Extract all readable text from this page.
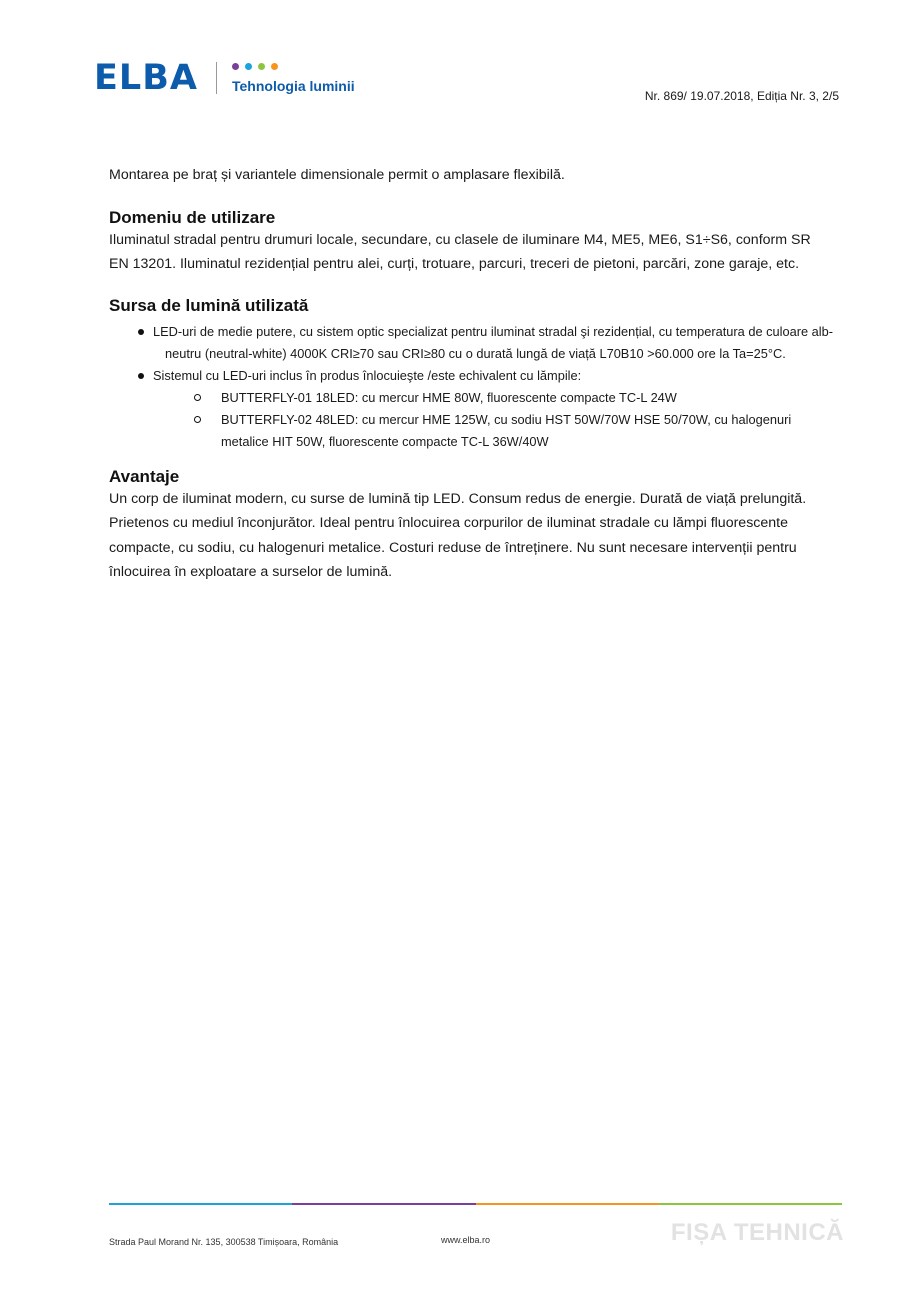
ELBA Tehnologia luminii
Nr. 869/ 19.07.2018, Ediția Nr. 3, 2/5

Montarea pe braț și variantele dimensionale permit o amplasare flexibilă.

Domeniu de utilizare

Iluminatul stradal pentru drumuri locale, secundare, cu clasele de iluminare M4, ME5, ME6, S1÷S6, conform SR EN 13201. Iluminatul rezidențial pentru alei, curți, trotuare, parcuri, treceri de pietoni, parcări, zone garaje, etc.

Sursa de lumină utilizată
LED-uri de medie putere, cu sistem optic specializat pentru iluminat stradal şi rezidențial, cu temperatura de culoare alb-neutru (neutral-white) 4000K CRI≥70 sau CRI≥80 cu o durată lungă de viață L70B10 >60.000 ore la Ta=25°C.
Sistemul cu LED-uri inclus în produs înlocuieşte /este echivalent cu lămpile:
BUTTERFLY-01 18LED: cu mercur HME 80W, fluorescente compacte TC-L 24W
BUTTERFLY-02 48LED: cu mercur HME 125W, cu sodiu HST 50W/70W HSE 50/70W, cu halogenuri metalice HIT 50W, fluorescente compacte TC-L 36W/40W
Avantaje

Un corp de iluminat modern, cu surse de lumină tip LED. Consum redus de energie. Durată de viață prelungită. Prietenos cu mediul înconjurător. Ideal pentru înlocuirea corpurilor de iluminat stradale cu lămpi fluorescente compacte, cu sodiu, cu halogenuri metalice. Costuri reduse de întreținere. Nu sunt necesare intervenții pentru înlocuirea în exploatare a surselor de lumină.

Strada Paul Morand Nr. 135, 300538 Timișoara, România	www.elba.ro	FIȘA TEHNICĂ
